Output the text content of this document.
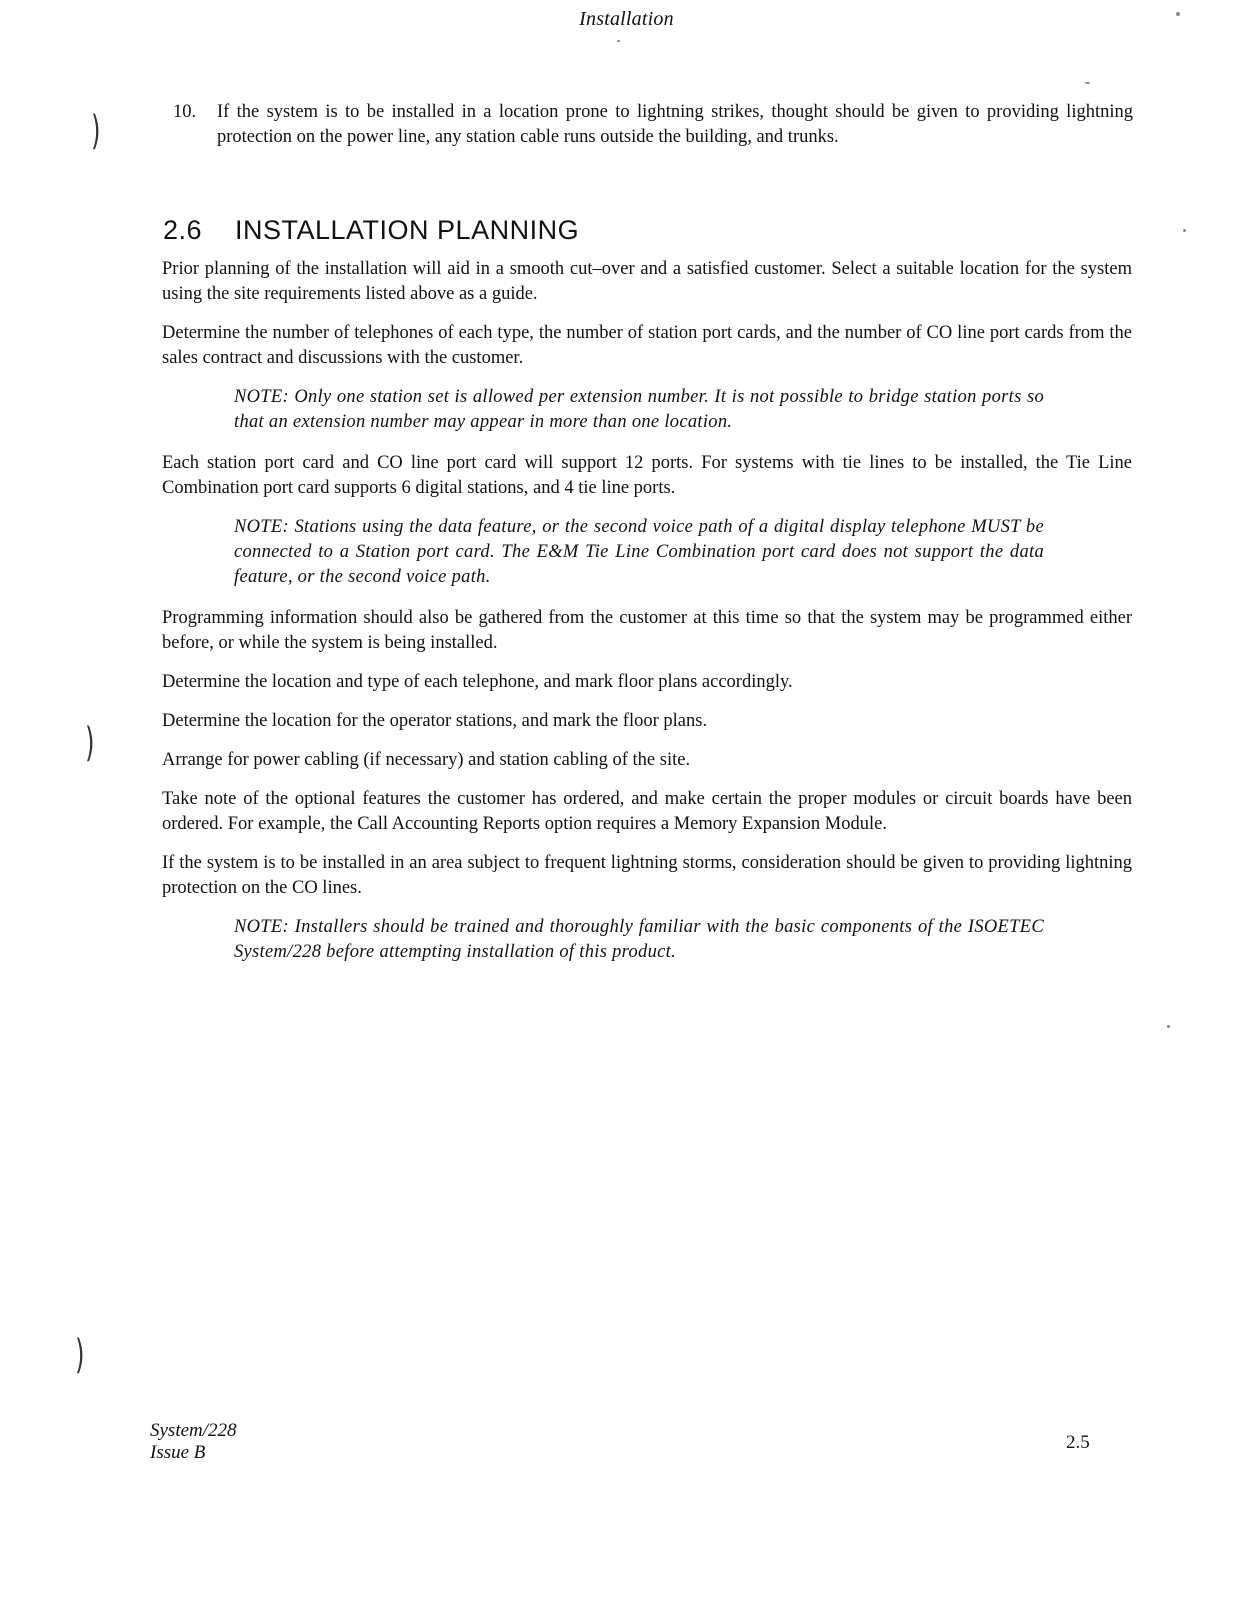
Installation
)
)
)
10. If the system is to be installed in a location prone to lightning strikes, thought should be given to providing lightning protection on the power line, any station cable runs outside the building, and trunks.
2.6 INSTALLATION PLANNING

Prior planning of the installation will aid in a smooth cut–over and a satisfied customer. Select a suitable location for the system using the site requirements listed above as a guide.

Determine the number of telephones of each type, the number of station port cards, and the number of CO line port cards from the sales contract and discussions with the customer.

NOTE: Only one station set is allowed per extension number. It is not possible to bridge station ports so that an extension number may appear in more than one location.

Each station port card and CO line port card will support 12 ports. For systems with tie lines to be installed, the Tie Line Combination port card supports 6 digital stations, and 4 tie line ports.

NOTE: Stations using the data feature, or the second voice path of a digital display telephone MUST be connected to a Station port card. The E&M Tie Line Combination port card does not support the data feature, or the second voice path.

Programming information should also be gathered from the customer at this time so that the system may be programmed either before, or while the system is being installed.

Determine the location and type of each telephone, and mark floor plans accordingly.

Determine the location for the operator stations, and mark the floor plans.

Arrange for power cabling (if necessary) and station cabling of the site.

Take note of the optional features the customer has ordered, and make certain the proper modules or circuit boards have been ordered. For example, the Call Accounting Reports option requires a Memory Expansion Module.

If the system is to be installed in an area subject to frequent lightning storms, consideration should be given to providing lightning protection on the CO lines.

NOTE: Installers should be trained and thoroughly familiar with the basic components of the ISOETEC System/228 before attempting installation of this product.

System/228
Issue B	2.5
